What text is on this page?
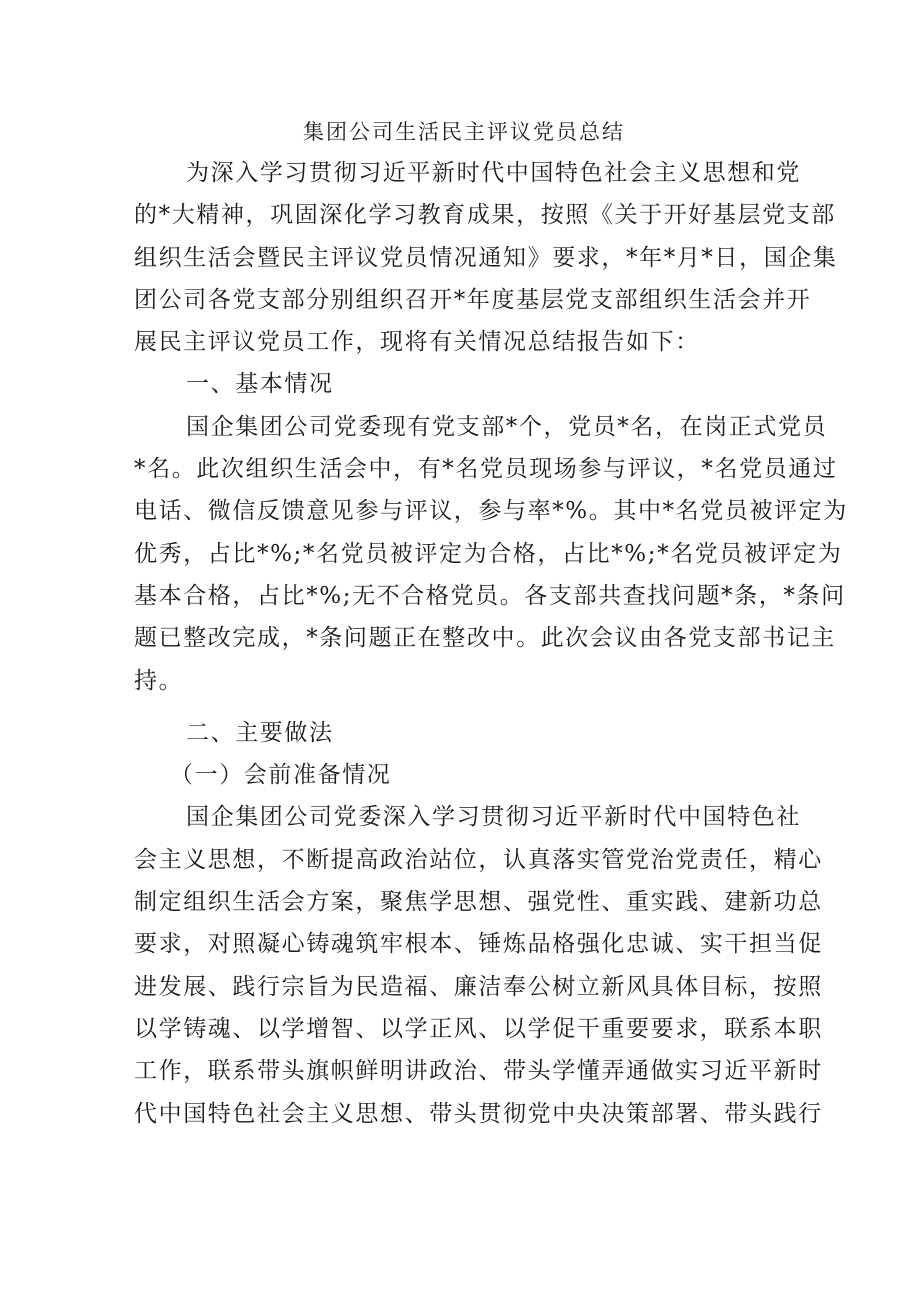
集团公司生活民主评议党员总结

为深入学习贯彻习近平新时代中国特色社会主义思想和党
的*大精神，巩固深化学习教育成果，按照《关于开好基层党支部
组织生活会暨民主评议党员情况通知》要求，*年*月*日，国企集
团公司各党支部分别组织召开*年度基层党支部组织生活会并开
展民主评议党员工作，现将有关情况总结报告如下：

一、基本情况

国企集团公司党委现有党支部*个，党员*名，在岗正式党员
*名。此次组织生活会中，有*名党员现场参与评议，*名党员通过
电话、微信反馈意见参与评议，参与率*%。其中*名党员被评定为
优秀，占比*%;*名党员被评定为合格，占比*%;*名党员被评定为
基本合格，占比*%;无不合格党员。各支部共查找问题*条，*条问
题已整改完成，*条问题正在整改中。此次会议由各党支部书记主
持。

二、主要做法
（一）会前准备情况

国企集团公司党委深入学习贯彻习近平新时代中国特色社
会主义思想，不断提高政治站位，认真落实管党治党责任，精心
制定组织生活会方案，聚焦学思想、强党性、重实践、建新功总
要求，对照凝心铸魂筑牢根本、锤炼品格强化忠诚、实干担当促
进发展、践行宗旨为民造福、廉洁奉公树立新风具体目标，按照
以学铸魂、以学增智、以学正风、以学促干重要要求，联系本职
工作，联系带头旗帜鲜明讲政治、带头学懂弄通做实习近平新时
代中国特色社会主义思想、带头贯彻党中央决策部署、带头践行
